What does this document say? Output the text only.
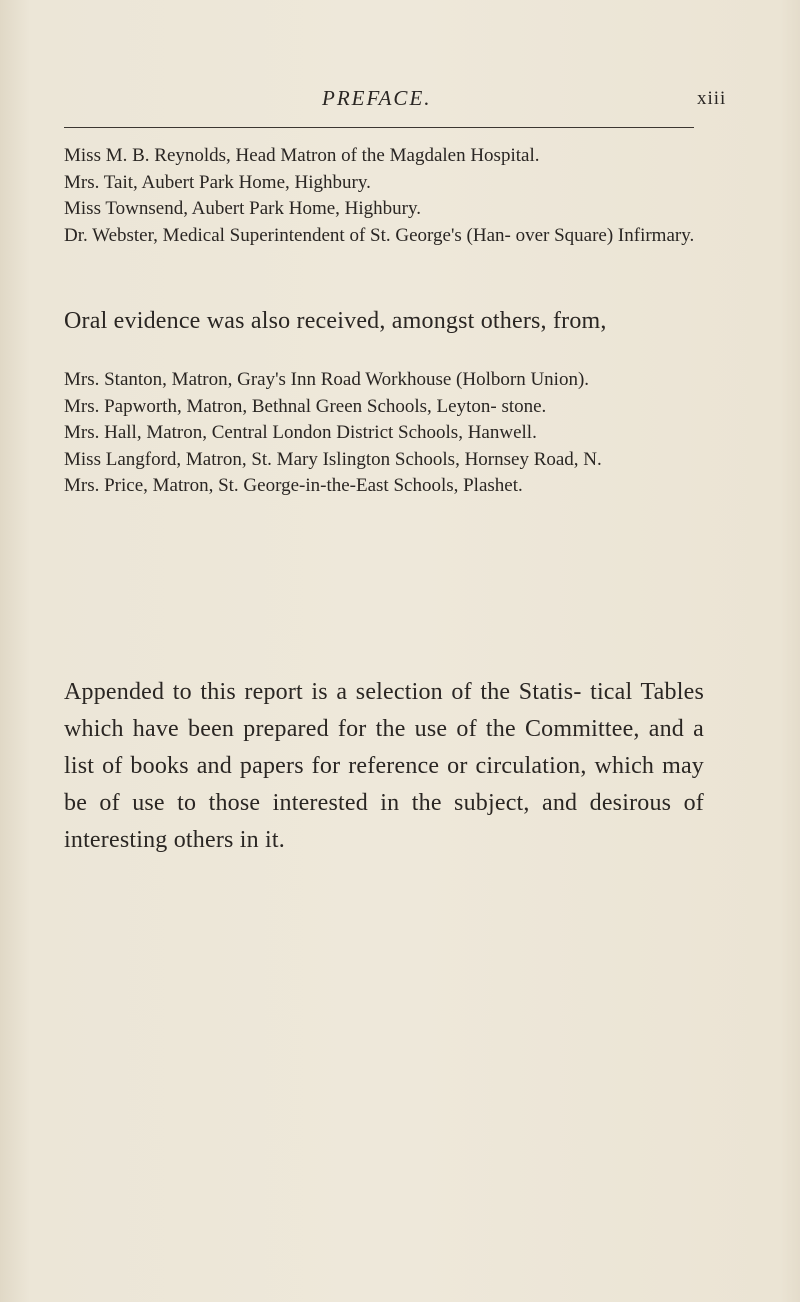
PREFACE.	xiii
Miss M. B. Reynolds, Head Matron of the Magdalen Hospital.
Mrs. Tait, Aubert Park Home, Highbury.
Miss Townsend, Aubert Park Home, Highbury.
Dr. Webster, Medical Superintendent of St. George's (Han- over Square) Infirmary.

Oral evidence was also received, amongst others, from,

Mrs. Stanton, Matron, Gray's Inn Road Workhouse (Holborn Union).
Mrs. Papworth, Matron, Bethnal Green Schools, Leyton- stone.
Mrs. Hall, Matron, Central London District Schools, Hanwell.
Miss Langford, Matron, St. Mary Islington Schools, Hornsey Road, N.
Mrs. Price, Matron, St. George-in-the-East Schools, Plashet.

Appended to this report is a selection of the Statis- tical Tables which have been prepared for the use of the Committee, and a list of books and papers for reference or circulation, which may be of use to those interested in the subject, and desirous of interesting others in it.
